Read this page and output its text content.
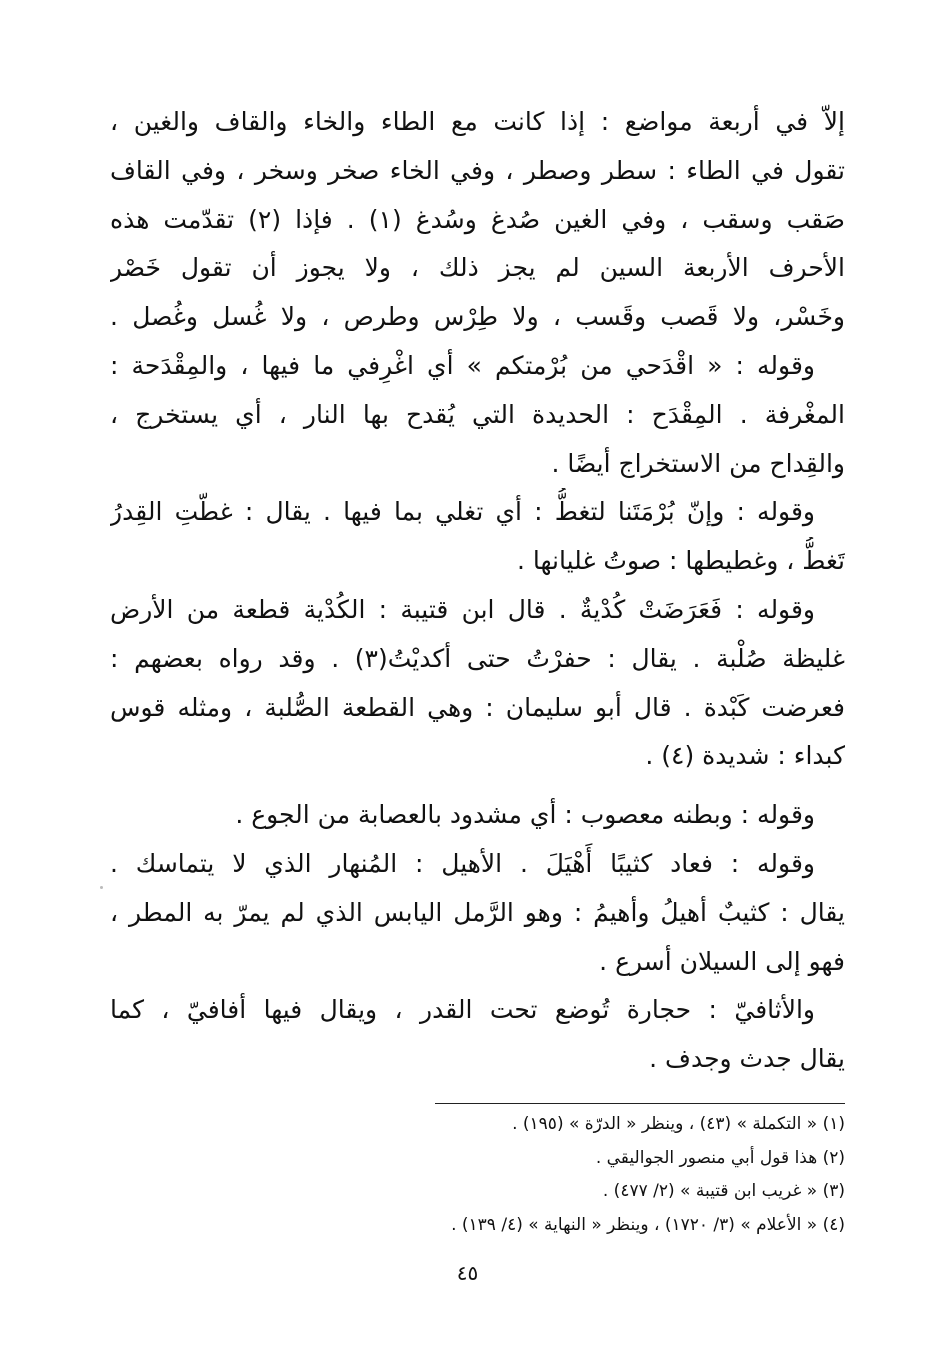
إلاّ في أربعة مواضع : إذا كانت مع الطاء والخاء والقاف والغين ،
تقول في الطاء : سطر وصطر ، وفي الخاء صخر وسخر ، وفي القاف
صَقب وسقب ، وفي الغين صُدغ وسُدغ (١) . فإذا (٢) تقدّمت هذه
الأحرف الأربعة السين لم يجز ذلك ، ولا يجوز أن تقول خَصْر
وخَسْر، ولا قَصب وقَسب ، ولا طِرْس وطرص ، ولا غُسل وغُصل .
وقوله : « اقْدَحي من بُرْمتكم » أي اغْرِفي ما فيها ، والمِقْدَحة :
المغْرفة . المِقْدَح : الحديدة التي يُقدح بها النار ، أي يستخرج ،
والقِداح من الاستخراج أيضًا .
وقوله : وإنّ بُرْمَتَنا لتغطُّ : أي تغلي بما فيها . يقال : غطّتِ القِدرُ
تَغطُّ ، وغطيطها : صوتُ غليانها .
وقوله : فَعَرَضَتْ كُدْيةٌ . قال ابن قتيبة : الكُدْية قطعة من الأرض
غليظة صُلْبة . يقال : حفرْتُ حتى أكديْتُ(٣) . وقد رواه بعضهم :
فعرضت كَبْدة . قال أبو سليمان : وهي القطعة الصُّلبة ، ومثله قوس
كبداء : شديدة (٤) .
وقوله : وبطنه معصوب : أي مشدود بالعصابة من الجوع .
وقوله : فعاد كثيبًا أَهْيَلَ . الأهيل : المُنهار الذي لا يتماسك .
يقال : كثيبٌ أهيلُ وأهيمُ : وهو الرَّمل اليابس الذي لم يمرّ به المطر ،
فهو إلى السيلان أسرع .
والأثافيّ : حجارة تُوضع تحت القدر ، ويقال فيها أفافيّ ، كما
يقال جدث وجدف .
(١) « التكملة » (٤٣) ، وينظر « الدرّة » (١٩٥) .
(٢) هذا قول أبي منصور الجواليقي .
(٣) « غريب ابن قتيبة » (٢/ ٤٧٧) .
(٤) « الأعلام » (٣/ ١٧٢٠) ، وينظر « النهاية » (٤/ ١٣٩) .
٤٥
